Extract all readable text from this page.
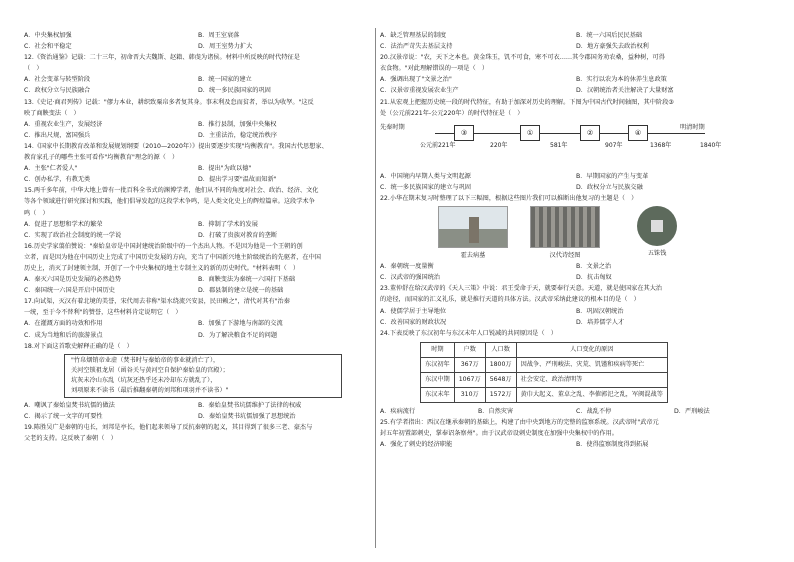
A．中央集权加强	B．周王室衰落
C．社会和平稳定	D．周王室势力扩大

12.《资治通鉴》记载：二十三年，初命晋大夫魏斯、赵籍、韩虔为诸侯。材料中所反映的时代特征是

（　）

A．社会变革与转型阶段	B．统一国家的建立
C．政权分立与民族融合	D．统一多民族国家的巩固

13.《史记·商君列传》记载："僇力本业，耕织致粟帛多者复其身。事末利及怠而贫者，举以为收孥。"这反

映了商鞅变法（　）

A．重视农业生产，发展经济	B．推行县制，加强中央集权
C．推出尺规，富国强兵	D．主重法治，稳定统治秩序

14.《国家中长期教育改革和发展规划纲要（2010—2020年）》提出要逐步实现"均衡教育"。我国古代思想家、

教育家孔子的哪些主张可看作"均衡教育"理念的源（　）

A．主张"仁者爱人"	B．提出"为政以德"
C．创办私学，有教无类	D．提出学习要"温故而知新"

15.两千多年前，中华大地上曾有一批百科全书式的渊博学者，他们从不同的角度对社会、政治、经济、文化

等各个领域进行研究探讨和实践，他们倡导发起的这段学术争鸣，是人类文化史上的辉煌篇章。这段学术争

鸣（　）

A．促进了思想和学术的繁荣	B．抑制了学术的发展
C．实现了政治社会制度的统一学说	D．打破了贵族对教育的垄断

16.历史学家翦伯赞说："秦始皇帝是中国封建统治阶级中的一个杰出人物。不是因为他是一个王朝的创

立者，而是因为他在中国历史上完成了中国历史发展的方向，充当了中国新兴地主阶级统治的先驱者，在中国

历史上，消灭了封建领主制，开创了一个中央集权的地主专制主义的新的历史时代。"材料表明（　）

A．秦灭六国是历史发展的必然趋势	B．商鞅变法为秦统一六国打下基础
C．秦国统一六国是开启中国历史	D．郡县制的建立是统一的基础

17.向试渠，灭汉有着北境的美誉，宋代周去非称"渠水绕流兴安县，民田赖之"，清代对其有"治秦

一统，至于今不替利"的赞誉，这些材料肯定说明它（　）

A．在灌溉方面的功效和作用	B．加强了下游地与南部的交流
C．成为当地和后的旅游景点	D．为了解决粮食不足的问题

18.对下面这首歌史解释正确的是（　）

"竹帛烟销帝业虚（焚书时与秦始帝的事业就消亡了），
关河空锁祖龙居（函谷关与黄河空自保护秦始皇的宫殿）；
坑灰未冷山东乱（坑灰还热乎还未冷却东方就乱了），
刘项原来不读书（最后推翻秦朝的刘邦和项羽并不读书）"
A．嘲讽了秦始皇焚书坑儒的做法	B．秦始皇焚书坑儒维护了法律的权威
C．揭示了统一文字的可要性	D．秦始皇焚书坑儒加强了思想统治

19.陈胜吴广是秦朝的屯长，刘邦是亭长，他们起来领导了反抗秦朝的起义，其目得到了很多三老、豪杰与

父老的支持。这反映了秦朝（　）

A．缺乏管理基层的制度	B．统一六国后民民基础
C．法治严苛失去基层支持	D．地方豪强失去政治权利

20.汉景帝说："农，天下之本也。黄金珠玉，饥不可食，寒不可衣……其令郡国务劝农桑，益种树，可得

衣食物。"对此理解错误的一项是（　）

A．强调出现了"文景之治"	B．实行以农为本的休养生息政策
C．汉景帝重视发展农业生产	D．汉朝统治者关注解决了大量财富

21.从宏观上把握历史统一段的时代特征，有助于加深对历史的理解。下图为中国古代时间轴图，其中阶段③

处（公元前221年-公元220年）的时代特征是（　）

先秦时期
③	①	②	④
明清时期
公元前221年	220年	581年	907年	1368年	1840年
A．中国境内早期人类与文明起源	B．早期国家的产生与变革
C．统一多民族国家的建立与巩固	D．政权分立与民族交融

22.小华在期末复习时整理了以下三幅图，根据这些图片我们可以推断出他复习的主题是（　）

霍去病墓	汉代诗经图	五铢钱
A．秦朝统一度量衡	B．文景之治
C．汉武帝的强国统治	D．抗击匈奴

23.董仲舒在给汉武帝的《天人三策》中说：君王受命于天，就要奉行天意。天道，就是使国家在其大治

的途径，而国家的汇义礼乐，就是推行天道的具体方法。汉武帝采纳此建议的根本目的是（　）

A．使儒学居于主导地位	B．巩固汉朝统治
C．改善国家的财政状况	D．培养儒学人才

24.下表反映了东汉初年与东汉末年人口锐减的共同原因是（　）

时期	户数	人口数	人口变化的原因
东汉初年	367万	1800万	因战争、严刑峻法、灾荒、饥馑和疾病等死亡
东汉中期	1067万	5648万	社会安定、政治清明等
东汉末年	310万	1572万	黄巾大起义、董卓之乱、李傕郭汜之乱，军阀混战等
A．疾病流行	B．自然灾害	C．战乱不停	D．严刑峻法

25.有学者指出：西汉在继承秦朝的基础上，构建了由中央到地方的完整的监察系统。汉武帝时"武帝元

封五年初置部刺史，掌奉诏条察州"。由于汉武帝设刺史制度在加强中央集权中的作用。

A．强化了刺史的经济职能	B．使得监察制度得到拓展
